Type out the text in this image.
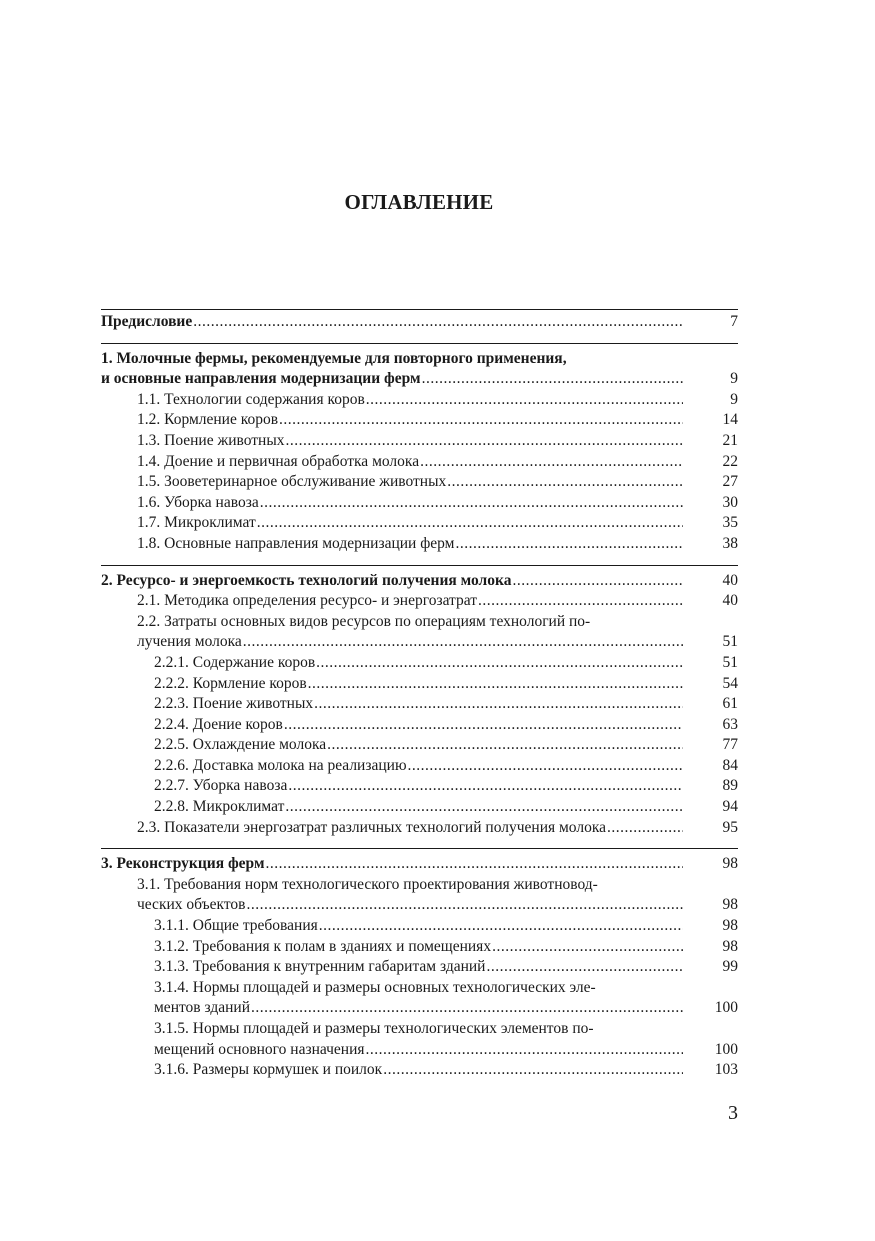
ОГЛАВЛЕНИЕ
Предисловие .....	7
1. Молочные фермы, рекомендуемые для повторного применения,
и основные направления модернизации ферм .....	9
1.1. Технологии содержания коров .....	9
1.2. Кормление коров .....	14
1.3. Поение животных .....	21
1.4. Доение и первичная обработка молока .....	22
1.5. Зооветеринарное обслуживание животных .....	27
1.6. Уборка навоза .....	30
1.7. Микроклимат .....	35
1.8. Основные направления модернизации ферм .....	38
2. Ресурсо- и энергоемкость технологий получения молока .....	40
2.1. Методика определения ресурсо- и энергозатрат .....	40
2.2. Затраты основных видов ресурсов по операциям технологий по-
лучения молока .....	51
2.2.1. Содержание коров .....	51
2.2.2. Кормление коров .....	54
2.2.3. Поение животных .....	61
2.2.4. Доение коров .....	63
2.2.5. Охлаждение молока .....	77
2.2.6. Доставка молока на реализацию .....	84
2.2.7. Уборка навоза .....	89
2.2.8. Микроклимат .....	94
2.3. Показатели энергозатрат различных технологий получения молока .....	95
3. Реконструкция ферм .....	98
3.1. Требования норм технологического проектирования животновод-
ческих объектов .....	98
3.1.1. Общие требования .....	98
3.1.2. Требования к полам в зданиях и помещениях .....	98
3.1.3. Требования к внутренним габаритам зданий .....	99
3.1.4. Нормы площадей и размеры основных технологических эле-
ментов зданий .....	100
3.1.5. Нормы площадей и размеры технологических элементов по-
мещений основного назначения .....	100
3.1.6. Размеры кормушек и поилок .....	103
3
